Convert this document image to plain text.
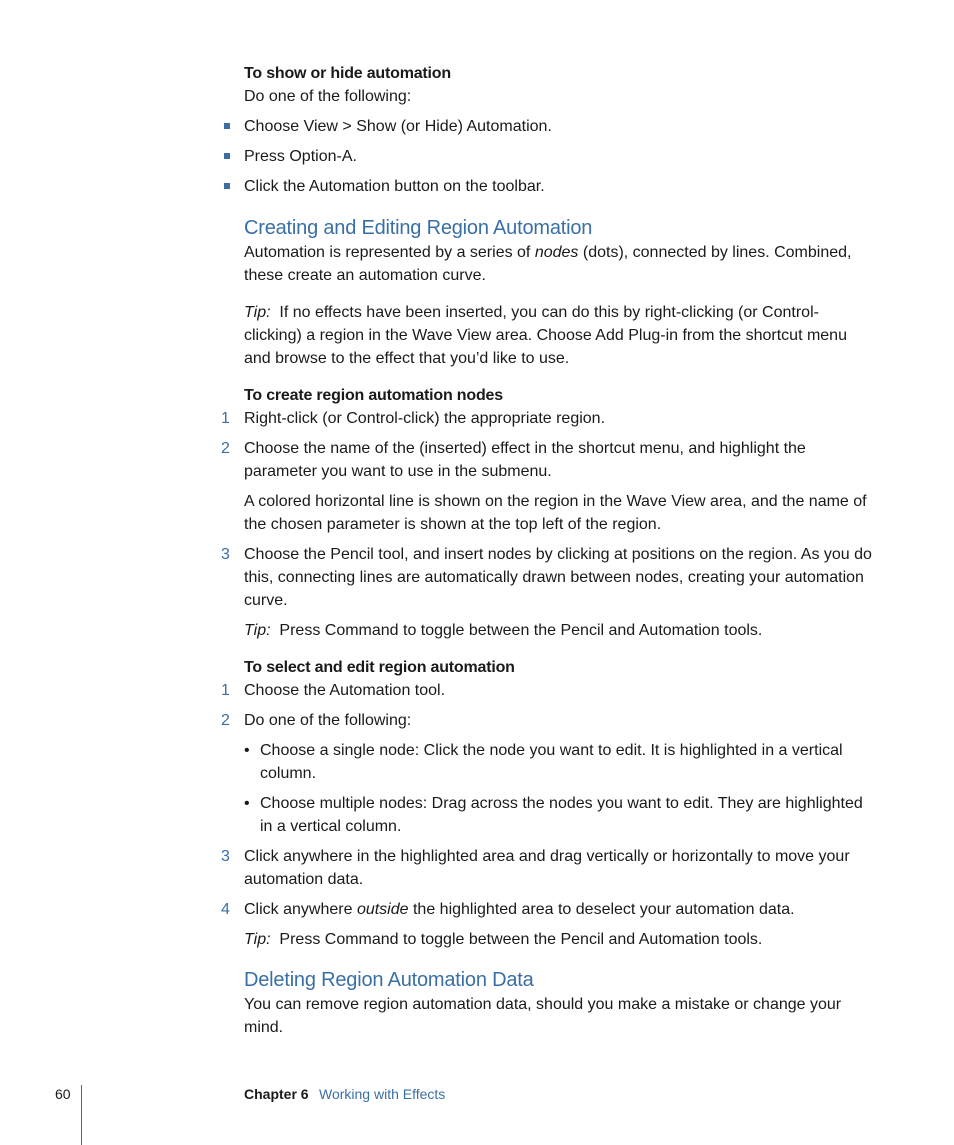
To show or hide automation
Do one of the following:
Choose View > Show (or Hide) Automation.
Press Option-A.
Click the Automation button on the toolbar.
Creating and Editing Region Automation

Automation is represented by a series of nodes (dots), connected by lines. Combined, these create an automation curve.

Tip: If no effects have been inserted, you can do this by right-clicking (or Control-clicking) a region in the Wave View area. Choose Add Plug-in from the shortcut menu and browse to the effect that you’d like to use.

To create region automation nodes
1 Right-click (or Control-click) the appropriate region.
2 Choose the name of the (inserted) effect in the shortcut menu, and highlight the parameter you want to use in the submenu.
A colored horizontal line is shown on the region in the Wave View area, and the name of the chosen parameter is shown at the top left of the region.
3 Choose the Pencil tool, and insert nodes by clicking at positions on the region. As you do this, connecting lines are automatically drawn between nodes, creating your automation curve.

Tip: Press Command to toggle between the Pencil and Automation tools.

To select and edit region automation
1 Choose the Automation tool.
2 Do one of the following:
• Choose a single node: Click the node you want to edit. It is highlighted in a vertical column.
• Choose multiple nodes: Drag across the nodes you want to edit. They are highlighted in a vertical column.
3 Click anywhere in the highlighted area and drag vertically or horizontally to move your automation data.
4 Click anywhere outside the highlighted area to deselect your automation data.

Tip: Press Command to toggle between the Pencil and Automation tools.

Deleting Region Automation Data
You can remove region automation data, should you make a mistake or change your mind.
60	Chapter 6 Working with Effects
